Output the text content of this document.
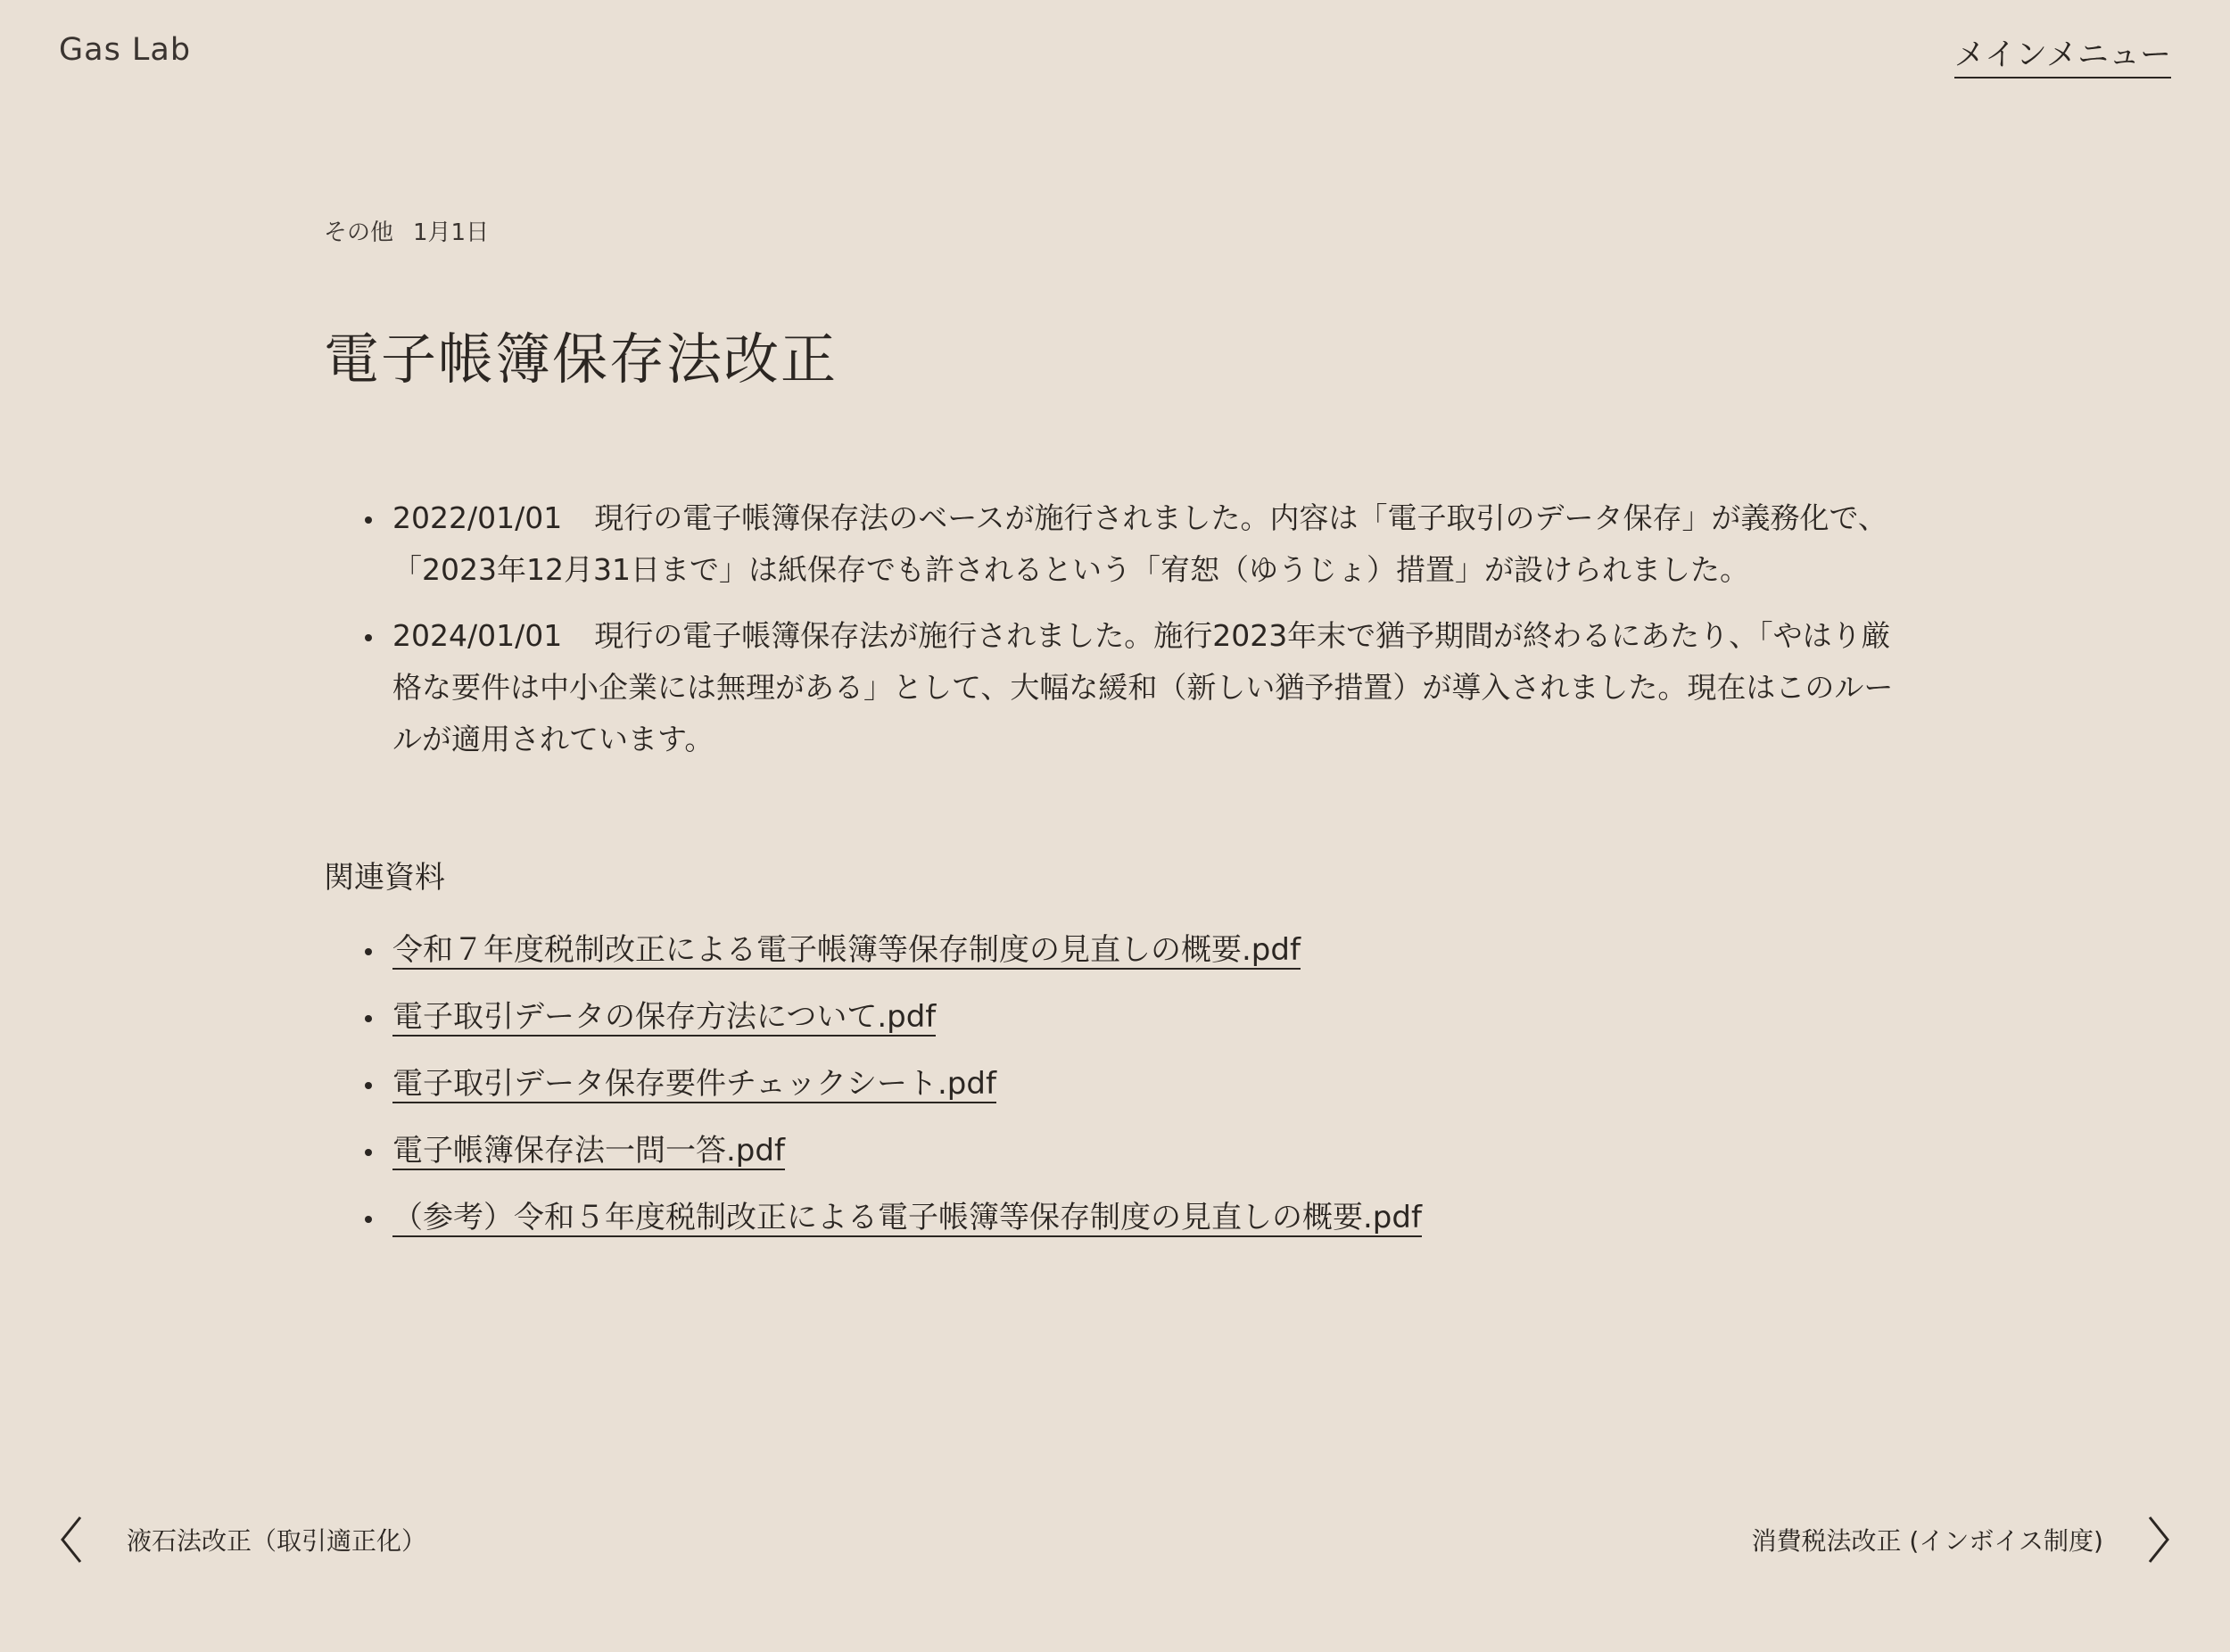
Gas Lab	メインメニュー
その他 1月1日
電子帳簿保存法改正
2022/01/01 現行の電子帳簿保存法のベースが施行されました。内容は「電子取引のデータ保存」が義務化で、「2023年12月31日まで」は紙保存でも許されるという「宥恕（ゆうじょ）措置」が設けられました。
2024/01/01 現行の電子帳簿保存法が施行されました。施行2023年末で猶予期間が終わるにあたり、「やはり厳格な要件は中小企業には無理がある」として、大幅な緩和（新しい猶予措置）が導入されました。現在はこのルールが適用されています。
関連資料
令和７年度税制改正による電子帳簿等保存制度の見直しの概要.pdf
電子取引データの保存方法について.pdf
電子取引データ保存要件チェックシート.pdf
電子帳簿保存法一問一答.pdf
（参考）令和５年度税制改正による電子帳簿等保存制度の見直しの概要.pdf
液石法改正（取引適正化）	消費税法改正 (インボイス制度)
